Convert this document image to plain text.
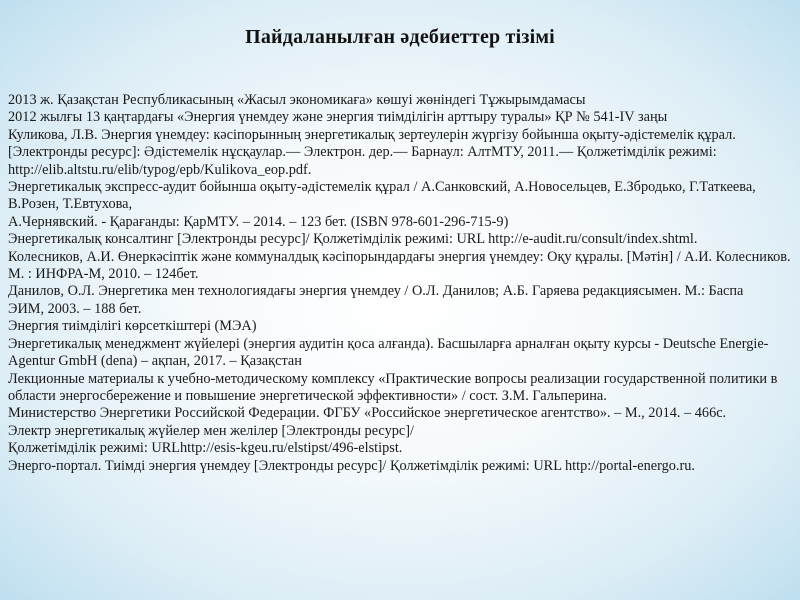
Пайдаланылған әдебиеттер тізімі
2013 ж. Қазақстан Республикасының «Жасыл экономикаға» көшуі жөніндегі Тұжырымдамасы
2012 жылғы 13 қаңтардағы «Энергия үнемдеу және энергия тиімділігін арттыру туралы» ҚР № 541-IV заңы
Куликова, Л.В. Энергия үнемдеу: кәсіпорынның энергетикалық зертеулерін жүргізу бойынша оқыту-әдістемелік құрал.
[Электронды ресурс]: Әдістемелік нұсқаулар.— Электрон. дер.— Барнаул: АлтМТУ, 2011.— Қолжетімділік режимі: http://elib.altstu.ru/elib/typog/epb/Kulikova_eop.pdf.
Энергетикалық экспресс-аудит бойынша оқыту-әдістемелік құрал / А.Санковский, А.Новосельцев, Е.Збродько, Г.Таткеева, В.Розен, Т.Евтухова,
А.Чернявский. - Қарағанды: ҚарМТУ. – 2014. – 123 бет. (ISBN 978-601-296-715-9)
Энергетикалық консалтинг [Электронды ресурс]/ Қолжетімділік режимі: URL http://e-audit.ru/consult/index.shtml.
Колесников, А.И. Өнеркәсіптік және коммуналдық кәсіпорындардағы энергия үнемдеу: Оқу құралы. [Мәтін] / А.И. Колесников. М. : ИНФРА-М, 2010. – 124бет.
Данилов, О.Л. Энергетика мен технологиядағы энергия үнемдеу / О.Л. Данилов; А.Б. Гаряева редакциясымен. М.: Баспа
ЭИМ, 2003. – 188 бет.
Энергия тиімділігі көрсеткіштері (МЭА)
Энергетикалық менеджмент жүйелері (энергия аудитін қоса алғанда). Басшыларға арналған оқыту курсы - Deutsche Energie-Agentur GmbH (dena) – ақпан, 2017. – Қазақстан
Лекционные материалы к учебно-методическому комплексу «Практические вопросы реализации государственной политики в области энергосбережение и повышение энергетической эффективности» / сост. З.М. Гальперина.
Министерство Энергетики Российской Федерации. ФГБУ «Российское энергетическое агентство». – М., 2014. – 466с.
Электр энергетикалық жүйелер мен желілер [Электронды ресурс]/
Қолжетімділік режимі: URLhttp://esis-kgeu.ru/elstipst/496-elstipst.
Энерго-портал. Тиімді энергия үнемдеу [Электронды ресурс]/ Қолжетімділік режимі: URL http://portal-energo.ru.
